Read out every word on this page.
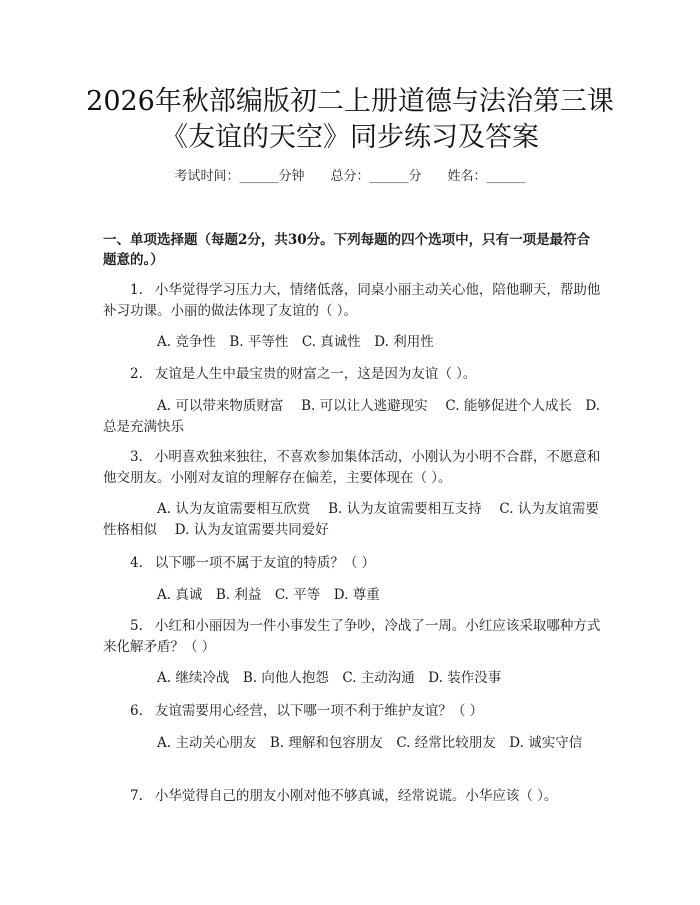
2026年秋部编版初二上册道德与法治第三课
《友谊的天空》同步练习及答案
考试时间：______分钟　　总分：______分　　姓名：______

一、单项选择题（每题2分，共30分。下列每题的四个选项中，只有一项是最符合题意的。）

1. 小华觉得学习压力大，情绪低落，同桌小丽主动关心他，陪他聊天，帮助他补习功课。小丽的做法体现了友谊的（ ）。

A. 竞争性　B. 平等性　C. 真诚性　D. 利用性

2. 友谊是人生中最宝贵的财富之一，这是因为友谊（ ）。

A. 可以带来物质财富　 B. 可以让人逃避现实　 C. 能够促进个人成长　D. 总是充满快乐

3. 小明喜欢独来独往，不喜欢参加集体活动，小刚认为小明不合群，不愿意和他交朋友。小刚对友谊的理解存在偏差，主要体现在（ ）。

A. 认为友谊需要相互欣赏　 B. 认为友谊需要相互支持　 C. 认为友谊需要性格相似　 D. 认为友谊需要共同爱好

4. 以下哪一项不属于友谊的特质？（ ）

A. 真诚　B. 利益　C. 平等　D. 尊重

5. 小红和小丽因为一件小事发生了争吵，冷战了一周。小红应该采取哪种方式来化解矛盾？（ ）

A. 继续冷战　B. 向他人抱怨　C. 主动沟通　D. 装作没事

6. 友谊需要用心经营，以下哪一项不利于维护友谊？（ ）

A. 主动关心朋友　B. 理解和包容朋友　C. 经常比较朋友　D. 诚实守信

7. 小华觉得自己的朋友小刚对他不够真诚，经常说谎。小华应该（ ）。
